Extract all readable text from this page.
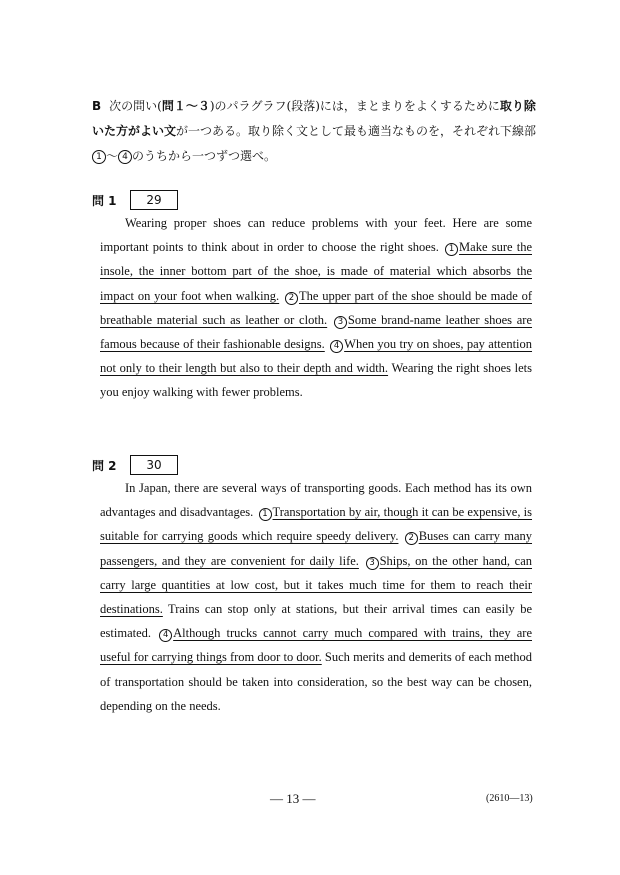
B 次の問い(問１～３)のパラグラフ(段落)には，まとまりをよくするために取り除いた方がよい文が一つある。取り除く文として最も適当なものを，それぞれ下線部1 ～ 4 のうちから一つずつ選べ。
問 1	29
Wearing proper shoes can reduce problems with your feet. Here are some important points to think about in order to choose the right shoes. 1 Make sure the insole, the inner bottom part of the shoe, is made of material which absorbs the impact on your foot when walking. 2 The upper part of the shoe should be made of breathable material such as leather or cloth. 3 Some brand-name leather shoes are famous because of their fashionable designs. 4 When you try on shoes, pay attention not only to their length but also to their depth and width. Wearing the right shoes lets you enjoy walking with fewer problems.
問 2	30
In Japan, there are several ways of transporting goods. Each method has its own advantages and disadvantages. 1 Transportation by air, though it can be expensive, is suitable for carrying goods which require speedy delivery. 2 Buses can carry many passengers, and they are convenient for daily life. 3 Ships, on the other hand, can carry large quantities at low cost, but it takes much time for them to reach their destinations. Trains can stop only at stations, but their arrival times can easily be estimated. 4 Although trucks cannot carry much compared with trains, they are useful for carrying things from door to door. Such merits and demerits of each method of transportation should be taken into consideration, so the best way can be chosen, depending on the needs.
— 13 —	(2610—13)
